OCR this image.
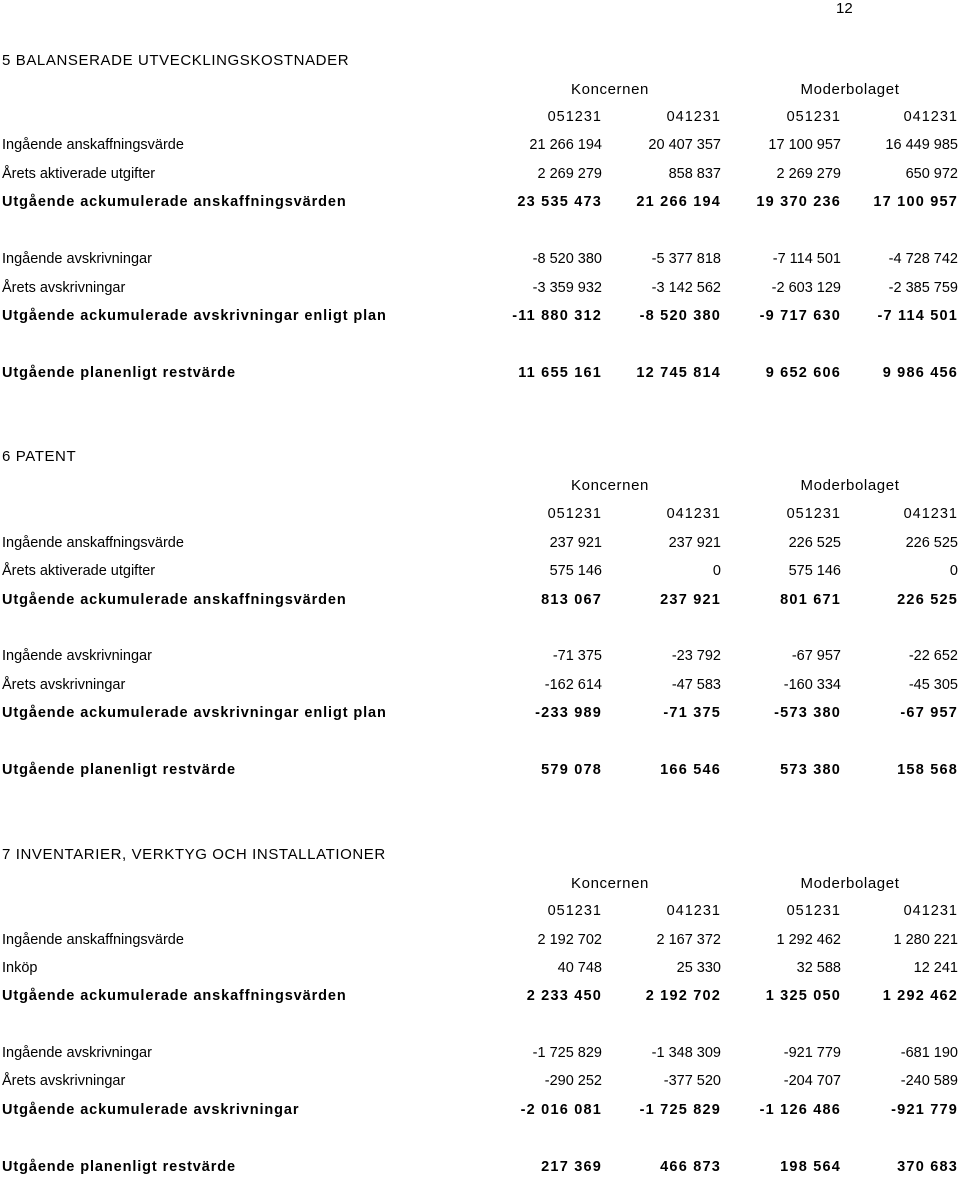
12
5 BALANSERADE UTVECKLINGSKOSTNADER
Koncernen	Moderbolaget
051231	041231	051231	041231
Ingående anskaffningsvärde	21 266 194	20 407 357	17 100 957	16 449 985
Årets aktiverade utgifter	2 269 279	858 837	2 269 279	650 972
Utgående ackumulerade anskaffningsvärden	23 535 473	21 266 194	19 370 236	17 100 957
Ingående avskrivningar	-8 520 380	-5 377 818	-7 114 501	-4 728 742
Årets avskrivningar	-3 359 932	-3 142 562	-2 603 129	-2 385 759
Utgående ackumulerade avskrivningar enligt plan	-11 880 312	-8 520 380	-9 717 630	-7 114 501
Utgående planenligt restvärde	11 655 161	12 745 814	9 652 606	9 986 456
6 PATENT
Koncernen	Moderbolaget
051231	041231	051231	041231
Ingående anskaffningsvärde	237 921	237 921	226 525	226 525
Årets aktiverade utgifter	575 146	0	575 146	0
Utgående ackumulerade anskaffningsvärden	813 067	237 921	801 671	226 525
Ingående avskrivningar	-71 375	-23 792	-67 957	-22 652
Årets avskrivningar	-162 614	-47 583	-160 334	-45 305
Utgående ackumulerade avskrivningar enligt plan	-233 989	-71 375	-573 380	-67 957
Utgående planenligt restvärde	579 078	166 546	573 380	158 568
7 INVENTARIER, VERKTYG OCH INSTALLATIONER
Koncernen	Moderbolaget
051231	041231	051231	041231
Ingående anskaffningsvärde	2 192 702	2 167 372	1 292 462	1 280 221
Inköp	40 748	25 330	32 588	12 241
Utgående ackumulerade anskaffningsvärden	2 233 450	2 192 702	1 325 050	1 292 462
Ingående avskrivningar	-1 725 829	-1 348 309	-921 779	-681 190
Årets avskrivningar	-290 252	-377 520	-204 707	-240 589
Utgående ackumulerade avskrivningar	-2 016 081	-1 725 829	-1 126 486	-921 779
Utgående planenligt restvärde	217 369	466 873	198 564	370 683
